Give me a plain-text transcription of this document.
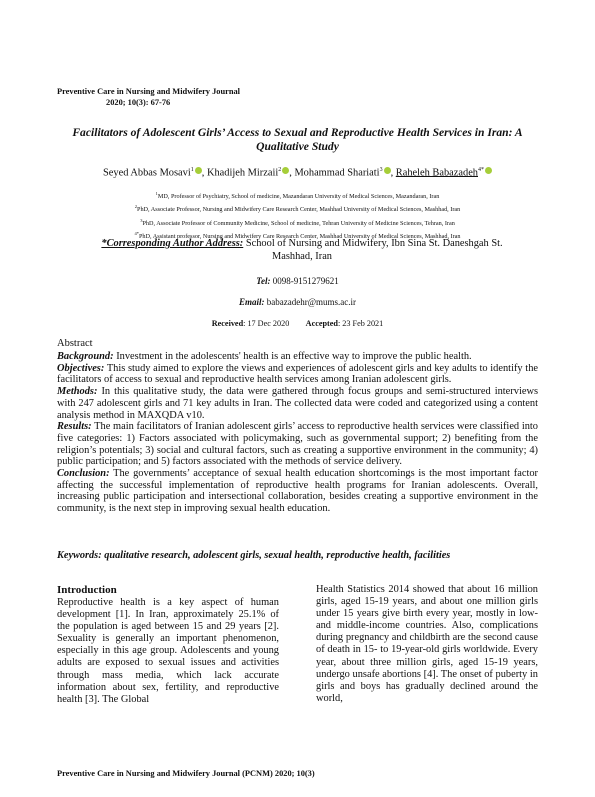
Preventive Care in Nursing and Midwifery Journal
2020; 10(3): 67-76
Facilitators of Adolescent Girls’ Access to Sexual and Reproductive Health Services in Iran: A Qualitative Study
Seyed Abbas Mosavi$^1$ , Khadijeh Mirzaii$^2$ , Mohammad Shariati$^3$ , Raheleh Babazadeh$^{4*}$
$^1$MD, Professor of Psychiatry, School of medicine, Mazandaran University of Medical Sciences, Mazandaran, Iran
$^2$PhD, Associate Professor, Nursing and Midwifery Care Research Center, Mashhad University of Medical Sciences, Mashhad, Iran
$^3$PhD, Associate Professor of Community Medicine, School of medicine, Tehran University of Medicine Sciences, Tehran, Iran
$^{4*}$PhD, Assistant professor, Nursing and Midwifery Care Research Center, Mashhad University of Medical Sciences, Mashhad, Iran
*Corresponding Author Address: School of Nursing and Midwifery, Ibn Sina St. Daneshgah St. Mashhad, Iran
Tel: 0098-9151279621
Email: babazadehr@mums.ac.ir
Received: 17 Dec 2020 Accepted: 23 Feb 2021
Abstract

Background: Investment in the adolescents' health is an effective way to improve the public health.

Objectives: This study aimed to explore the views and experiences of adolescent girls and key adults to identify the facilitators of access to sexual and reproductive health services among Iranian adolescent girls.

Methods: In this qualitative study, the data were gathered through focus groups and semi-structured interviews with 247 adolescent girls and 71 key adults in Iran. The collected data were coded and categorized using a content analysis method in MAXQDA v10.

Results: The main facilitators of Iranian adolescent girls’ access to reproductive health services were classified into five categories: 1) Factors associated with policymaking, such as governmental support; 2) benefiting from the religion’s potentials; 3) social and cultural factors, such as creating a supportive environment in the community; 4) public participation; and 5) factors associated with the methods of service delivery.

Conclusion: The governments’ acceptance of sexual health education shortcomings is the most important factor affecting the successful implementation of reproductive health programs for Iranian adolescents. Overall, increasing public participation and intersectional collaboration, besides creating a supportive environment in the community, is the next step in improving sexual health education.

Keywords: qualitative research, adolescent girls, sexual health, reproductive health, facilities

Introduction

Reproductive health is a key aspect of human development [1]. In Iran, approximately 25.1% of the population is aged between 15 and 29 years [2]. Sexuality is generally an important phenomenon, especially in this age group. Adolescents and young adults are exposed to sexual issues and activities through mass media, which lack accurate information about sex, fertility, and reproductive health [3]. The Global

Health Statistics 2014 showed that about 16 million girls, aged 15-19 years, and about one million girls under 15 years give birth every year, mostly in low- and middle-income countries. Also, complications during pregnancy and childbirth are the second cause of death in 15- to 19-year-old girls worldwide. Every year, about three million girls, aged 15-19 years, undergo unsafe abortions [4]. The onset of puberty in girls and boys has gradually declined around the world,

Preventive Care in Nursing and Midwifery Journal (PCNM) 2020; 10(3)
